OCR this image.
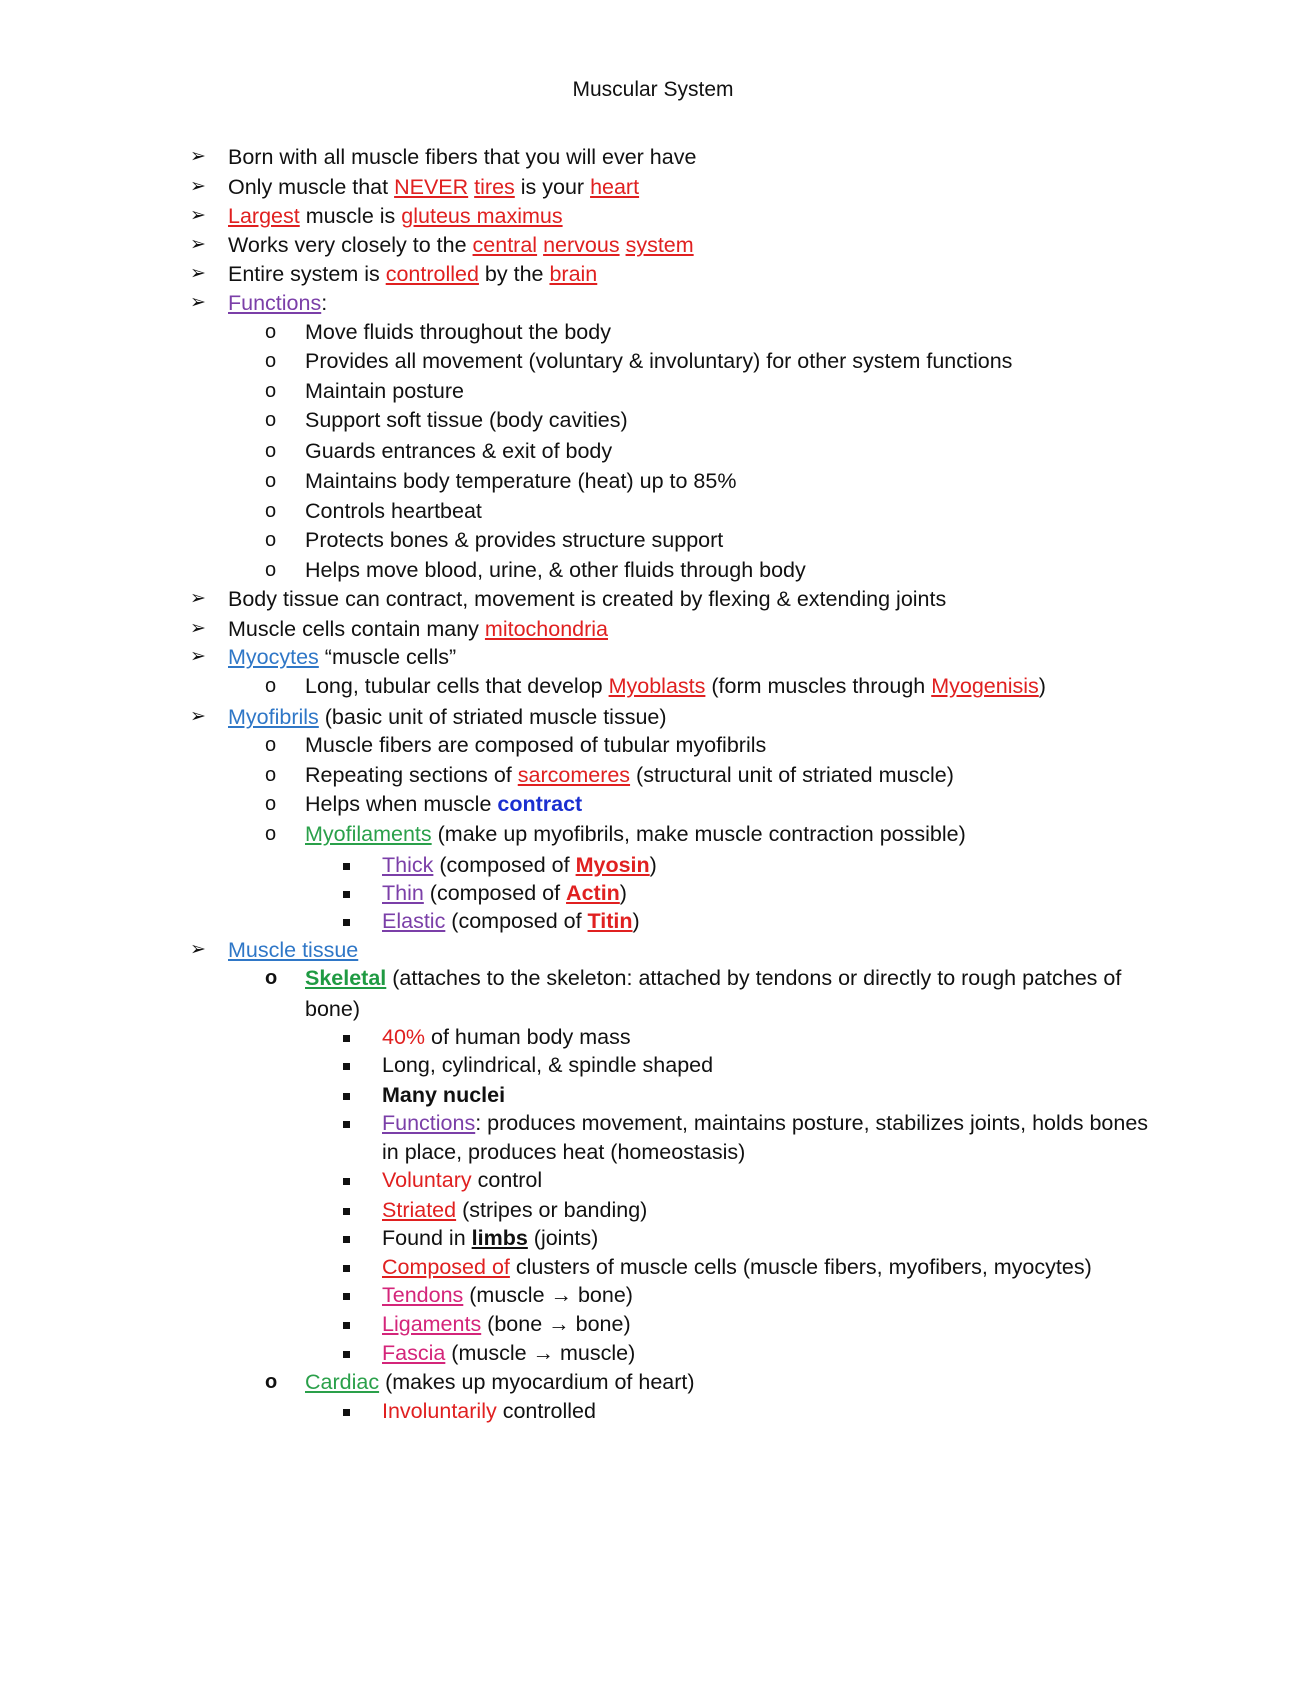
Muscular System
➢ Born with all muscle fibers that you will ever have
➢ Only muscle that NEVER tires is your heart
➢ Largest muscle is gluteus maximus
➢ Works very closely to the central nervous system
➢ Entire system is controlled by the brain
➢ Functions:
o Move fluids throughout the body
o Provides all movement (voluntary & involuntary) for other system functions
o Maintain posture
o Support soft tissue (body cavities)
o Guards entrances & exit of body
o Maintains body temperature (heat) up to 85%
o Controls heartbeat
o Protects bones & provides structure support
o Helps move blood, urine, & other fluids through body
➢ Body tissue can contract, movement is created by flexing & extending joints
➢ Muscle cells contain many mitochondria
➢ Myocytes “muscle cells”
o Long, tubular cells that develop Myoblasts (form muscles through Myogenisis)
➢ Myofibrils (basic unit of striated muscle tissue)
o Muscle fibers are composed of tubular myofibrils
o Repeating sections of sarcomeres (structural unit of striated muscle)
o Helps when muscle contract
o Myofilaments (make up myofibrils, make muscle contraction possible)
Thick (composed of Myosin)
Thin (composed of Actin)
Elastic (composed of Titin)
➢ Muscle tissue
o Skeletal (attaches to the skeleton: attached by tendons or directly to rough patches of
bone)
40% of human body mass
Long, cylindrical, & spindle shaped
Many nuclei
Functions: produces movement, maintains posture, stabilizes joints, holds bones
in place, produces heat (homeostasis)
Voluntary control
Striated (stripes or banding)
Found in limbs (joints)
Composed of clusters of muscle cells (muscle fibers, myofibers, myocytes)
Tendons (muscle → bone)
Ligaments (bone → bone)
Fascia (muscle → muscle)
o Cardiac (makes up myocardium of heart)
Involuntarily controlled
